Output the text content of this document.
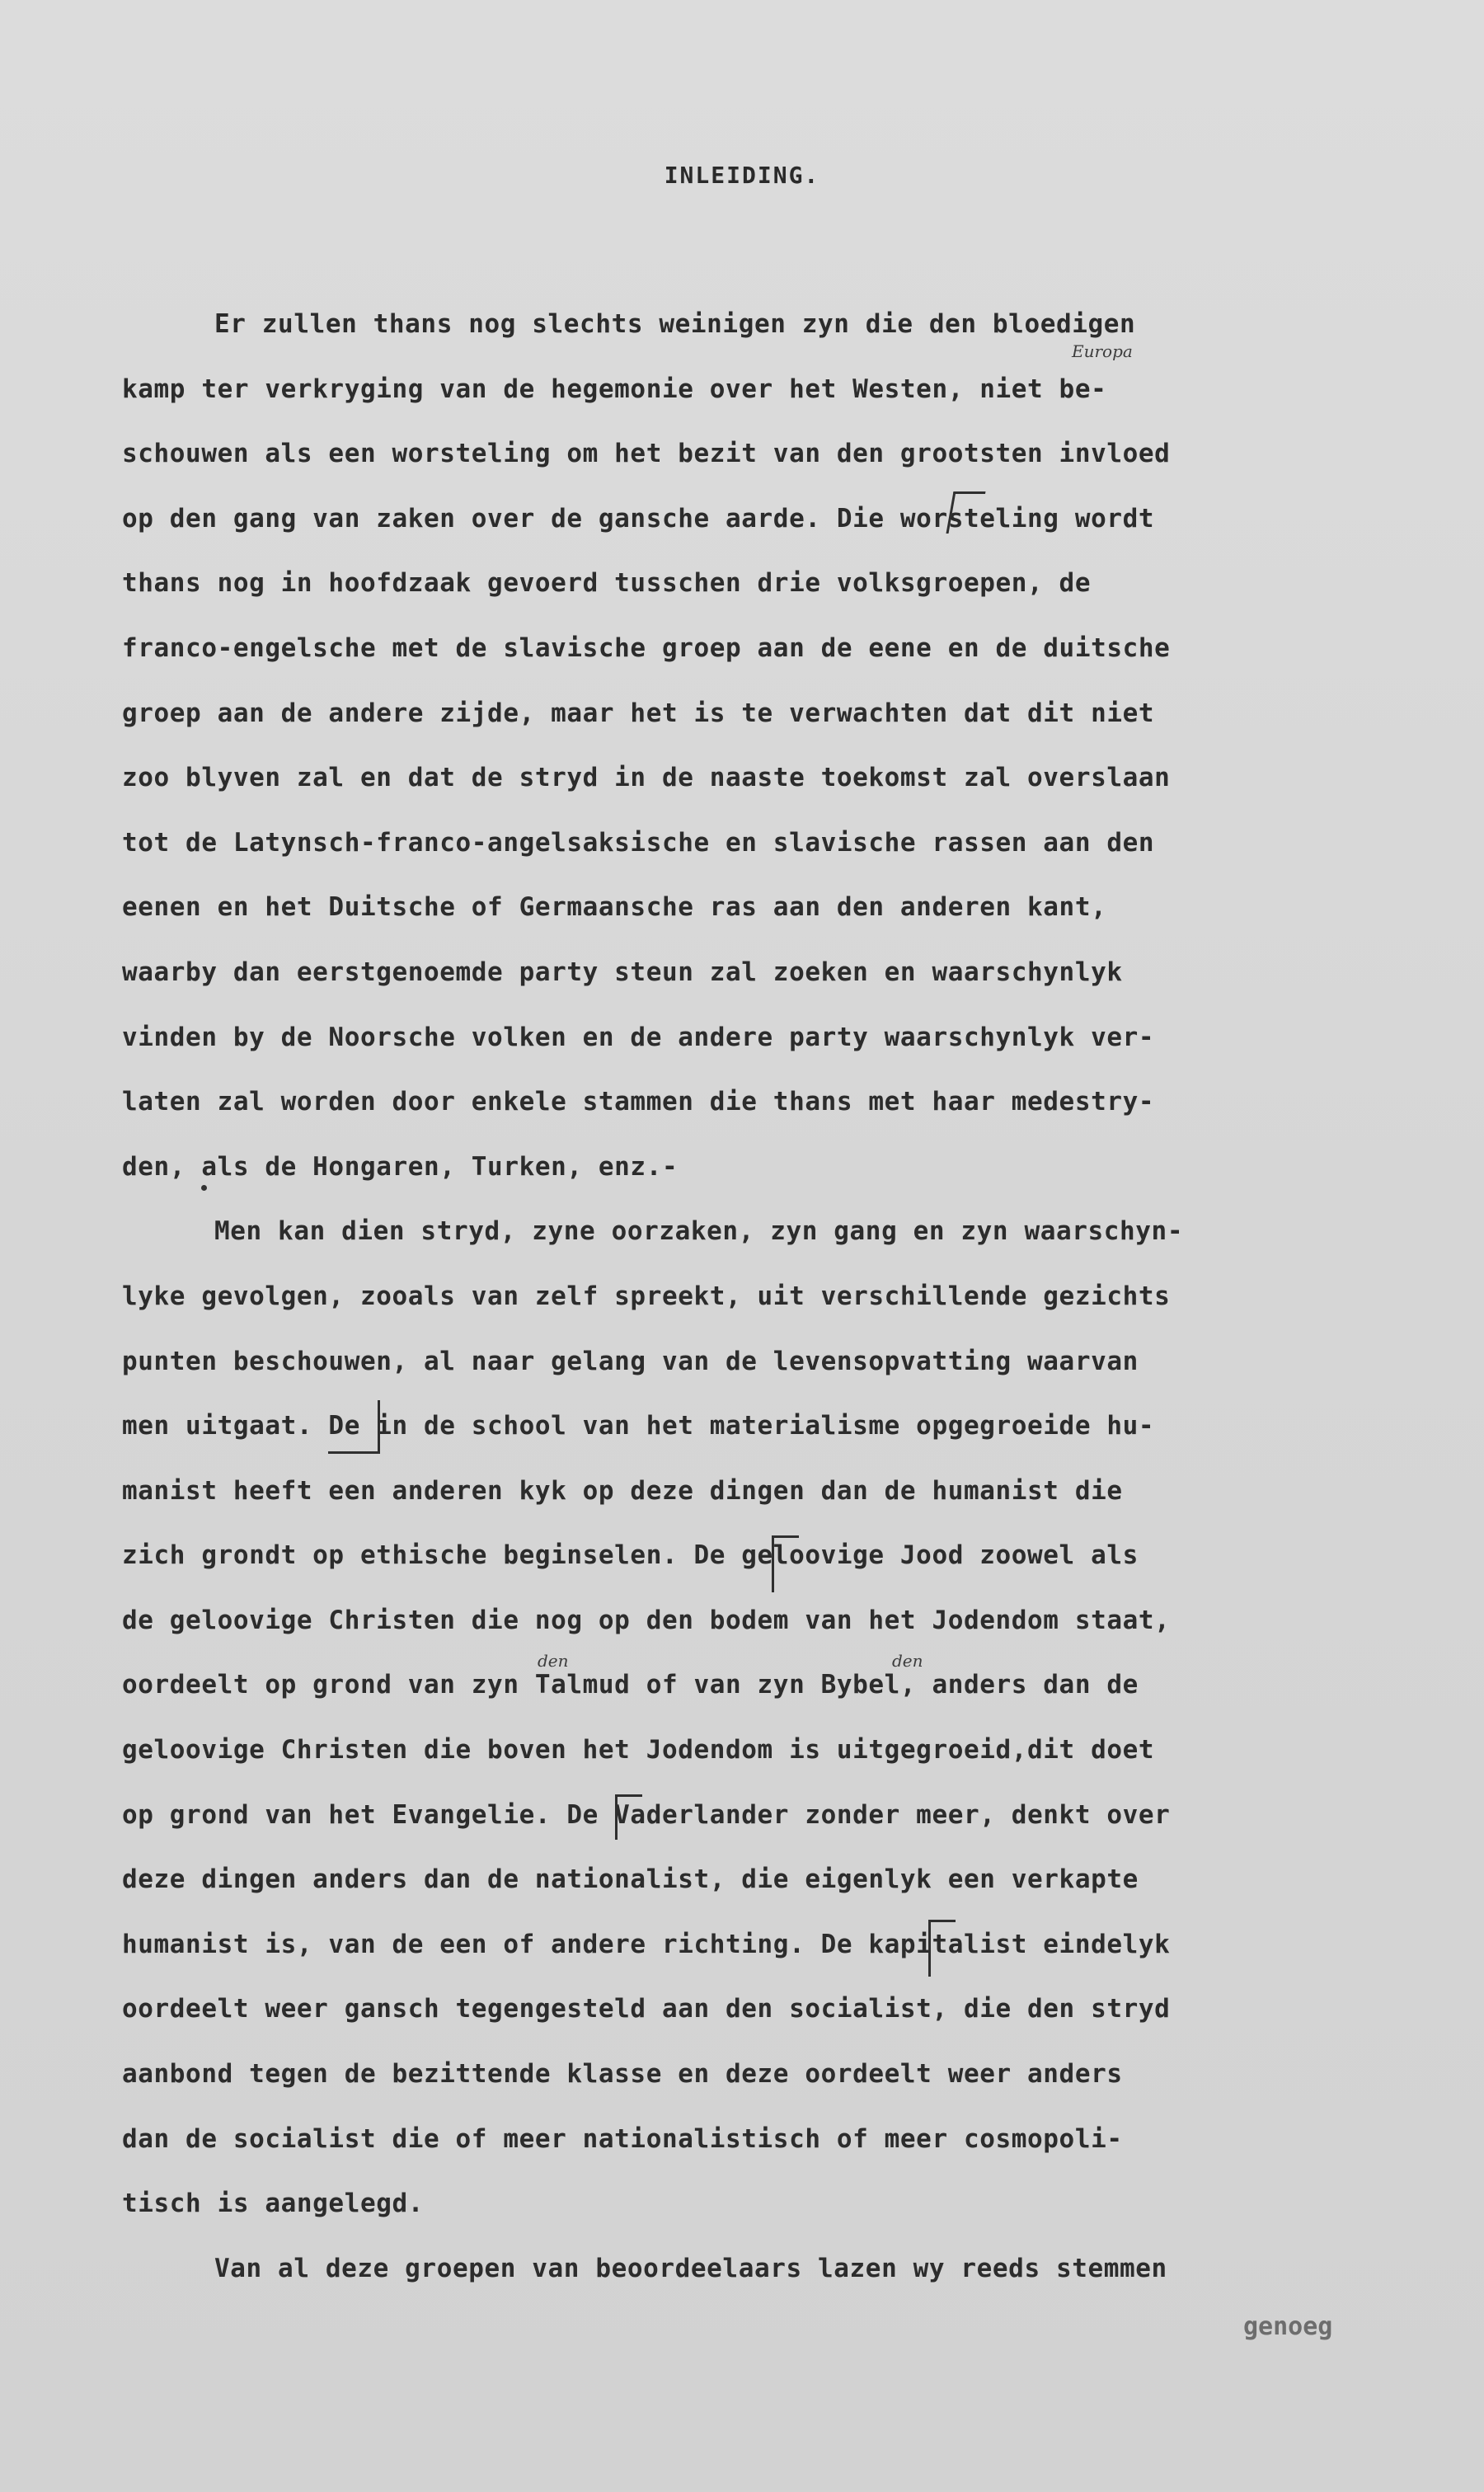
INLEIDING.
Er zullen thans nog slechts weinigen zyn die den bloedigen
kamp ter verkryging van de hegemonie over het Westen, niet be-
schouwen als een worsteling om het bezit van den grootsten invloed
op den gang van zaken over de gansche aarde. Die worsteling wordt
thans nog in hoofdzaak gevoerd tusschen drie volksgroepen, de
franco-engelsche met de slavische groep aan de eene en de duitsche
groep aan de andere zijde, maar het is te verwachten dat dit niet
zoo blyven zal en dat de stryd in de naaste toekomst zal overslaan
tot de Latynsch-franco-angelsaksische en slavische rassen aan den
eenen en het Duitsche of Germaansche ras aan den anderen kant,
waarby dan eerstgenoemde party steun zal zoeken en waarschynlyk
vinden by de Noorsche volken en de andere party waarschynlyk ver-
laten zal worden door enkele stammen die thans met haar medestry-
den, als de Hongaren, Turken, enz.-
Men kan dien stryd, zyne oorzaken, zyn gang en zyn waarschyn-
lyke gevolgen, zooals van zelf spreekt, uit verschillende gezichts
punten beschouwen, al naar gelang van de levensopvatting waarvan
men uitgaat. De in de school van het materialisme opgegroeide hu-
manist heeft een anderen kyk op deze dingen dan de humanist die
zich grondt op ethische beginselen. De geloovige Jood zoowel als
de geloovige Christen die nog op den bodem van het Jodendom staat,
oordeelt op grond van zyn Talmud of van zyn Bybel, anders dan de
geloovige Christen die boven het Jodendom is uitgegroeid,dit doet
op grond van het Evangelie. De Vaderlander zonder meer, denkt over
deze dingen anders dan de nationalist, die eigenlyk een verkapte
humanist is, van de een of andere richting. De kapitalist eindelyk
oordeelt weer gansch tegengesteld aan den socialist, die den stryd
aanbond tegen de bezittende klasse en deze oordeelt weer anders
dan de socialist die of meer nationalistisch of meer cosmopoli-
tisch is aangelegd.
Van al deze groepen van beoordeelaars lazen wy reeds stemmen
genoeg
Europa
den	den
